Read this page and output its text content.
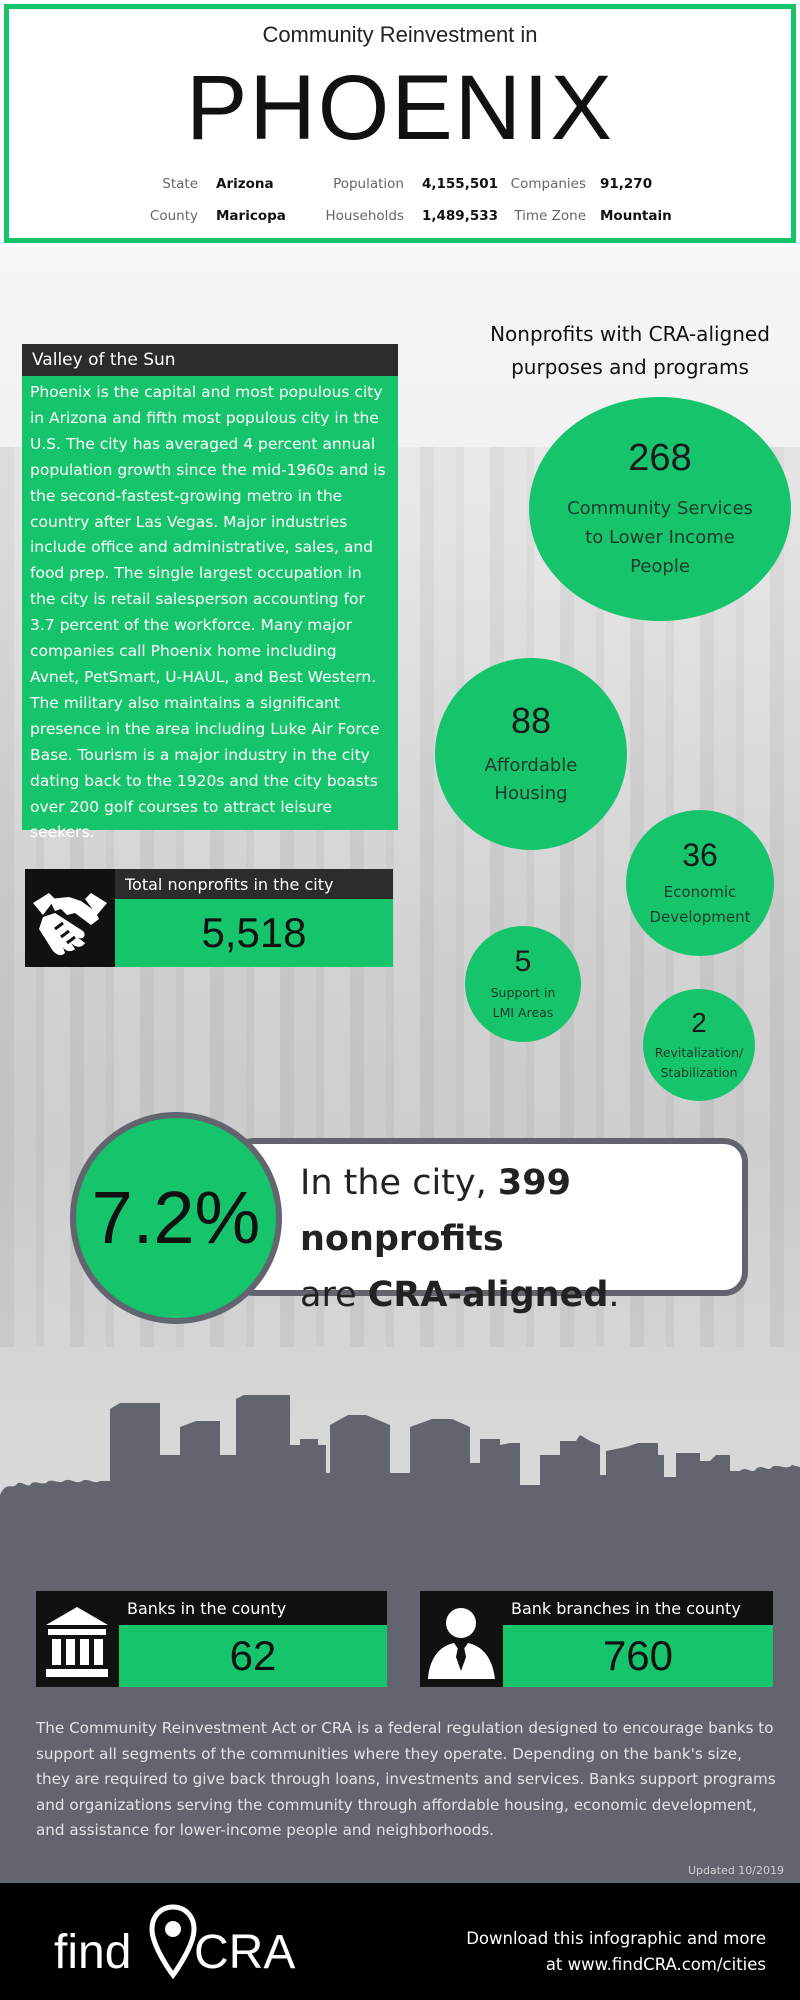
Community Reinvestment in
PHOENIX
State Arizona
County Maricopa
Population 4,155,501
Households 1,489,533
Companies 91,270
Time Zone Mountain
Valley of the Sun
Phoenix is the capital and most populous city in Arizona and fifth most populous city in the U.S. The city has averaged 4 percent annual population growth since the mid-1960s and is the second-fastest-growing metro in the country after Las Vegas. Major industries include office and administrative, sales, and food prep. The single largest occupation in the city is retail salesperson accounting for 3.7 percent of the workforce. Many major companies call Phoenix home including Avnet, PetSmart, U-HAUL, and Best Western. The military also maintains a significant presence in the area including Luke Air Force Base. Tourism is a major industry in the city dating back to the 1920s and the city boasts over 200 golf courses to attract leisure seekers.
Nonprofits with CRA-aligned
purposes and programs
268
Community Services
to Lower Income
People
88
Affordable
Housing
36
Economic
Development
5
Support in
LMI Areas	2
Revitalization/
Stabilization
Total nonprofits in the city
5,518
In the city, 399 nonprofits
are CRA-aligned.
7.2%
Banks in the county
62
Bank branches in the county
760
The Community Reinvestment Act or CRA is a federal regulation designed to encourage banks to support all segments of the communities where they operate. Depending on the bank's size, they are required to give back through loans, investments and services. Banks support programs and organizations serving the community through affordable housing, economic development, and assistance for lower-income people and neighborhoods.
Updated 10/2019
find CRA	Download this infographic and more
at www.findCRA.com/cities
